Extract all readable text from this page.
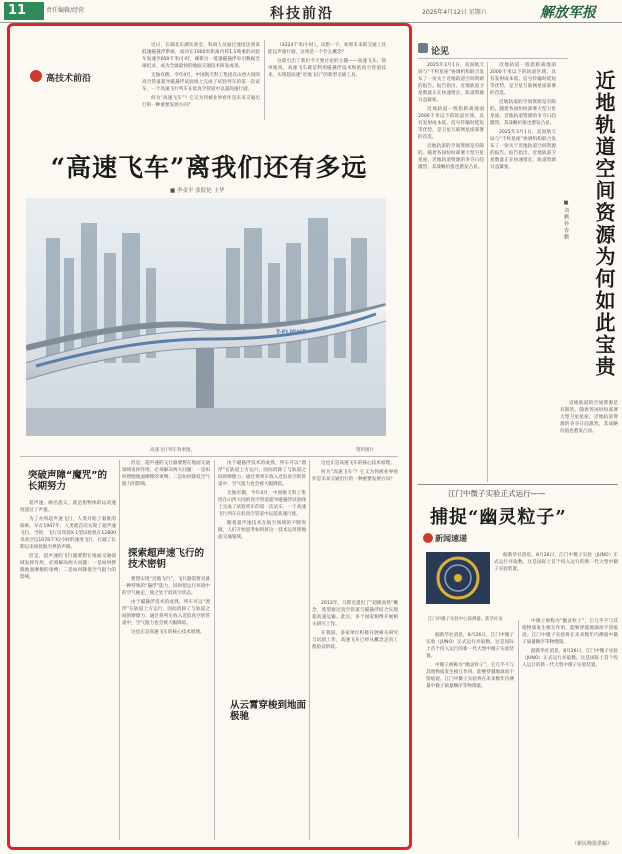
11	责任编辑/经营	科技前沿	2025年4月12日 星期六	解放军报
高技术前沿

近日，在湖北东湖实验室，科研人员通过速度达到某低速磁悬浮系统，成功在1000米距离内将1.1吨重的试验车加速至650千米/小时，刷新这一低速磁悬浮牵引数据全球纪录，成为全球最快的地面交通技术研发成果。

无独有偶，今年4月，中国航天科工集团在山西大同的高空管道超导磁悬浮试验线上完成了试验列车的第一次试车，一个高速飞行列车在低真空管道中以超高速行驶。

何为“高速飞车”？它又为何被业界看作是未来交通出行的一种重要发展方向？

（3224千米/小时）。试想一下，如果未来的交通工具能以声速行驶，这将是一个什么概念？

这就引出了我们今天要讨论的主题——高速飞车。简单地说，高速飞车就是利用磁悬浮技术和低真空管道技术，实现超高速“近地飞行”的新型交通工具。

“高速飞车”离我们还有多远
■ 李金平 张院伦 王华
T-FLIGHT
高速飞行列车效果图。	资料图片
突破声障“魔咒”的长期努力

超声速，顾名思义，就是指物体的运动速度超过了声速。

为了办到超声速飞行，人类开始了艰难的探索。早在1947年，人类就首次实现了超声速飞行。当时，飞行员驾驶X-1型试验机在12800米高空以1078千米/小时的速度飞行，打破了长期以来困扰航空界的声障。

但是，超声速的飞行器要想在地面交通领域发挥作用，必须解决两大问题：一是如何摆脱地面摩擦的束缚；二是如何降低空气阻力的影响。

但是，超声速的飞行器要想在地面交通领域发挥作用，必须解决两大问题：一是如何摆脱地面摩擦的束缚；二是如何降低空气阻力的影响。

探索超声速飞行的技术密钥

要想实现“近地飞行”，飞行器需要具备一种特殊的“悬浮”能力，同时把运行环境中的空气抽走，使之处于低真空状态。

由于磁悬浮技术的成熟，列车可以“漂浮”在轨道上方运行，因而消除了与轨道之间的摩擦力。通过将列车放入近似真空的管道中，空气阻力也会被大幅降低。

这也正是高速飞车的核心技术原理。

由于磁悬浮技术的成熟，列车可以“漂浮”在轨道上方运行，因而消除了与轨道之间的摩擦力。通过将列车放入近似真空的管道中，空气阻力也会被大幅降低。

无独有偶，今年4月，中国航天科工集团在山西大同的高空管道超导磁悬浮试验线上完成了试验列车的第一次试车，一个高速飞行列车在低真空管道中以超高速行驶。

随着超声速技术在航空领域的不断突破，人们开始思考如何将这一技术运用到地面交通领域。

这也正是高速飞车的核心技术原理。

何为“高速飞车”？它又为何被业界看作是未来交通出行的一种重要发展方向？

从云霄穿梭到地面极驰

2013年，马斯克提出了“超级高铁”概念，希望通过真空管道与磁悬浮结合实现超高速运输。此后，多个国家相继开展相关研究工作。

在我国，多家单位积极开展相关研究与试验工作，高速飞车已经从概念走向工程验证阶段。

论见

2025年3月1日，美国航天局与“千枚星座”协调机构联合发布了一份关于近地轨道空间资源的报告。报告指出，近地轨道卫星数量正在快速增长，轨道资源日益紧张。

近地轨道一般指距离地面2000千米以下的轨道区域，具有发射成本低、信号传输时延短等优势，是卫星互联网星座部署的首选。

近地轨道的空间资源是有限的。随着各国纷纷部署大型卫星星座，近地轨道资源的争夺日趋激烈，其战略价值也愈发凸显。

近地轨道一般指距离地面2000千米以下的轨道区域，具有发射成本低、信号传输时延短等优势，是卫星互联网星座部署的首选。

近地轨道的空间资源是有限的。随着各国纷纷部署大型卫星星座，近地轨道资源的争夺日趋激烈，其战略价值也愈发凸显。

2025年3月1日，美国航天局与“千枚星座”协调机构联合发布了一份关于近地轨道空间资源的报告。报告指出，近地轨道卫星数量正在快速增长，轨道资源日益紧张。	近地轨道空间资源为何如此宝贵
■ 刘 鹏 孙 春 鹏

近地轨道的空间资源是有限的。随着各国纷纷部署大型卫星星座，近地轨道资源的争夺日趋激烈，其战略价值也愈发凸显。

江门中微子实验正式运行——
捕捉“幽灵粒子”
新闻速递

据新华社消息，8月26日，江门中微子实验（JUNO）正式运行并取数。这是国际上首个投入运行的新一代大型中微子实验装置。

江门中微子实验中心探测器。新华社发

据新华社消息，8月26日，江门中微子实验（JUNO）正式运行并取数。这是国际上首个投入运行的新一代大型中微子实验装置。

中微子被称为“幽灵粒子”，它几乎不与其他物质发生相互作用，能够穿越地球而不留痕迹。江门中微子实验将在未来数年内测量中微子质量顺序等物理量。

中微子被称为“幽灵粒子”，它几乎不与其他物质发生相互作用，能够穿越地球而不留痕迹。江门中微子实验将在未来数年内测量中微子质量顺序等物理量。

据新华社消息，8月26日，江门中微子实验（JUNO）正式运行并取数。这是国际上首个投入运行的新一代大型中微子实验装置。

（新民晚报供稿）
